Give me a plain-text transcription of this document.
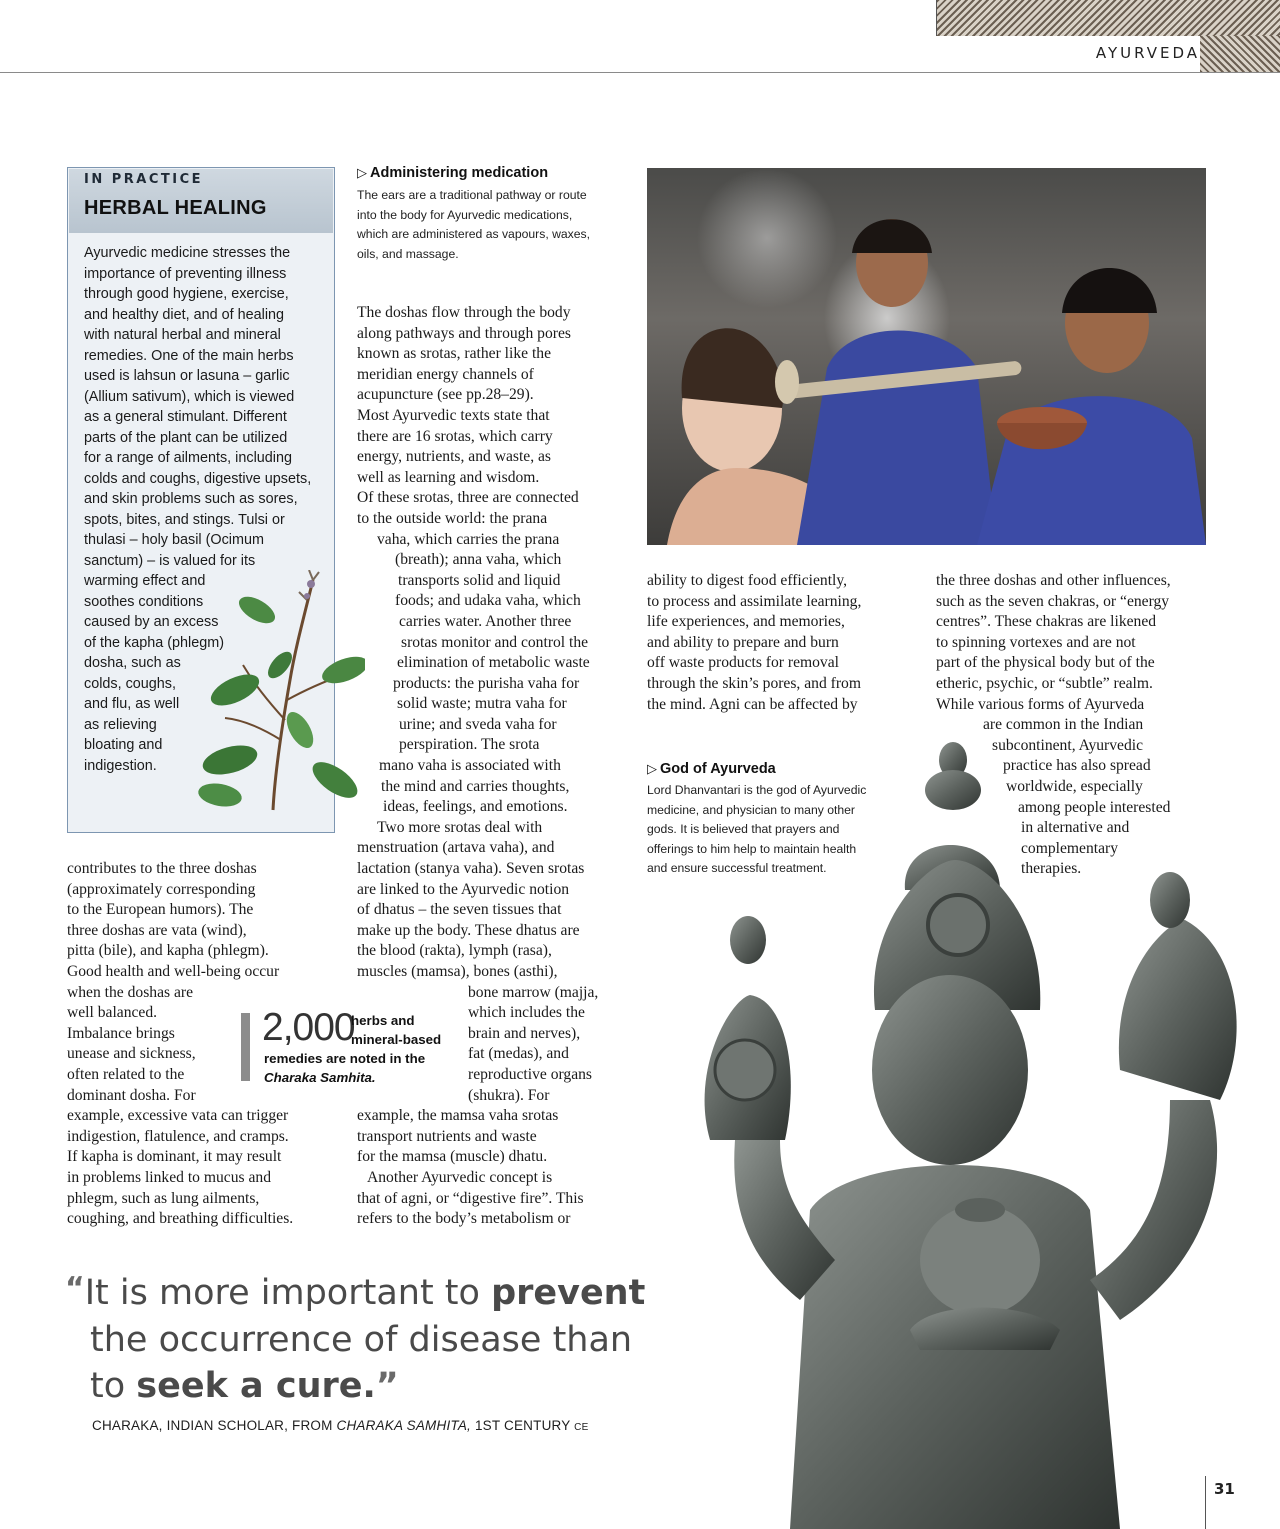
AYURVEDA
IN PRACTICE
HERBAL HEALING
Ayurvedic medicine stresses the
importance of preventing illness
through good hygiene, exercise,
and healthy diet, and of healing
with natural herbal and mineral
remedies. One of the main herbs
used is lahsun or lasuna – garlic
(Allium sativum), which is viewed
as a general stimulant. Different
parts of the plant can be utilized
for a range of ailments, including
colds and coughs, digestive upsets,
and skin problems such as sores,
spots, bites, and stings. Tulsi or
thulasi – holy basil (Ocimum
sanctum) – is valued for its
warming effect and
soothes conditions
caused by an excess
of the kapha (phlegm)
dosha, such as
colds, coughs,
and flu, as well
as relieving
bloating and
indigestion.
▷ Administering medication
The ears are a traditional pathway or route
into the body for Ayurvedic medications,
which are administered as vapours, waxes,
oils, and massage.
The doshas flow through the body
along pathways and through pores
known as srotas, rather like the
meridian energy channels of
acupuncture (see pp.28–29).
Most Ayurvedic texts state that
there are 16 srotas, which carry
energy, nutrients, and waste, as
well as learning and wisdom.
Of these srotas, three are connected
to the outside world: the prana
vaha, which carries the prana
(breath); anna vaha, which
transports solid and liquid
foods; and udaka vaha, which
carries water. Another three
srotas monitor and control the
elimination of metabolic waste
products: the purisha vaha for
solid waste; mutra vaha for
urine; and sveda vaha for
perspiration. The srota
mano vaha is associated with
the mind and carries thoughts,
ideas, feelings, and emotions.
Two more srotas deal with
menstruation (artava vaha), and
lactation (stanya vaha). Seven srotas
are linked to the Ayurvedic notion
of dhatus – the seven tissues that
make up the body. These dhatus are
the blood (rakta), lymph (rasa),
muscles (mamsa), bones (asthi),
bone marrow (majja,
which includes the
brain and nerves),
fat (medas), and
reproductive organs
(shukra). For
example, the mamsa vaha srotas
transport nutrients and waste
for the mamsa (muscle) dhatu.
Another Ayurvedic concept is
that of agni, or “digestive fire”. This
refers to the body’s metabolism or
contributes to the three doshas
(approximately corresponding
to the European humors). The
three doshas are vata (wind),
pitta (bile), and kapha (phlegm).
Good health and well-being occur
when the doshas are
well balanced.
Imbalance brings
unease and sickness,
often related to the
dominant dosha. For
example, excessive vata can trigger
indigestion, flatulence, and cramps.
If kapha is dominant, it may result
in problems linked to mucus and
phlegm, such as lung ailments,
coughing, and breathing difficulties.
2,000
herbs and
mineral-based
remedies are noted in the
Charaka Samhita.
ability to digest food efficiently,
to process and assimilate learning,
life experiences, and memories,
and ability to prepare and burn
off waste products for removal
through the skin’s pores, and from
the mind. Agni can be affected by
the three doshas and other influences,
such as the seven chakras, or “energy
centres”. These chakras are likened
to spinning vortexes and are not
part of the physical body but of the
etheric, psychic, or “subtle” realm.
While various forms of Ayurveda
are common in the Indian
subcontinent, Ayurvedic
practice has also spread
worldwide, especially
among people interested
in alternative and
complementary
therapies.
▷ God of Ayurveda
Lord Dhanvantari is the god of Ayurvedic
medicine, and physician to many other
gods. It is believed that prayers and
offerings to him help to maintain health
and ensure successful treatment.
“It is more important to prevent
the occurrence of disease than
to seek a cure.”
CHARAKA, INDIAN SCHOLAR, FROM CHARAKA SAMHITA, 1ST CENTURY CE
31
